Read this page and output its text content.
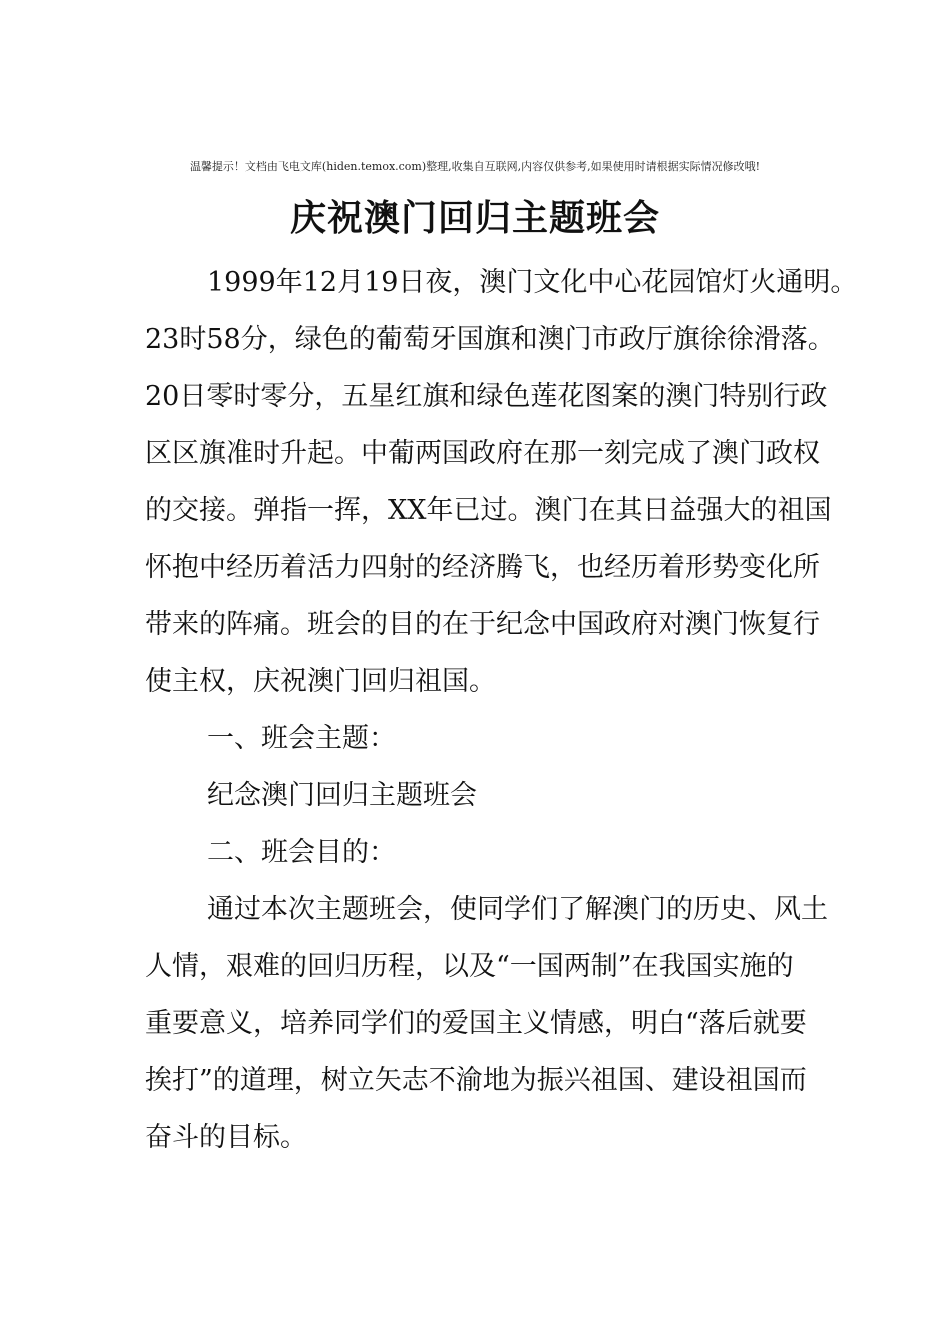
温馨提示！文档由飞电文库(hiden.temox.com)整理,收集自互联网,内容仅供参考,如果使用时请根据实际情况修改哦!
庆祝澳门回归主题班会
1999年12月19日夜，澳门文化中心花园馆灯火通明。
23时58分，绿色的葡萄牙国旗和澳门市政厅旗徐徐滑落。
20日零时零分，五星红旗和绿色莲花图案的澳门特别行政
区区旗准时升起。中葡两国政府在那一刻完成了澳门政权
的交接。弹指一挥，XX年已过。澳门在其日益强大的祖国
怀抱中经历着活力四射的经济腾飞，也经历着形势变化所
带来的阵痛。班会的目的在于纪念中国政府对澳门恢复行
使主权，庆祝澳门回归祖国。
一、班会主题：
纪念澳门回归主题班会
二、班会目的：
通过本次主题班会，使同学们了解澳门的历史、风土
人情，艰难的回归历程，以及“一国两制”在我国实施的
重要意义，培养同学们的爱国主义情感，明白“落后就要
挨打”的道理，树立矢志不渝地为振兴祖国、建设祖国而
奋斗的目标。
